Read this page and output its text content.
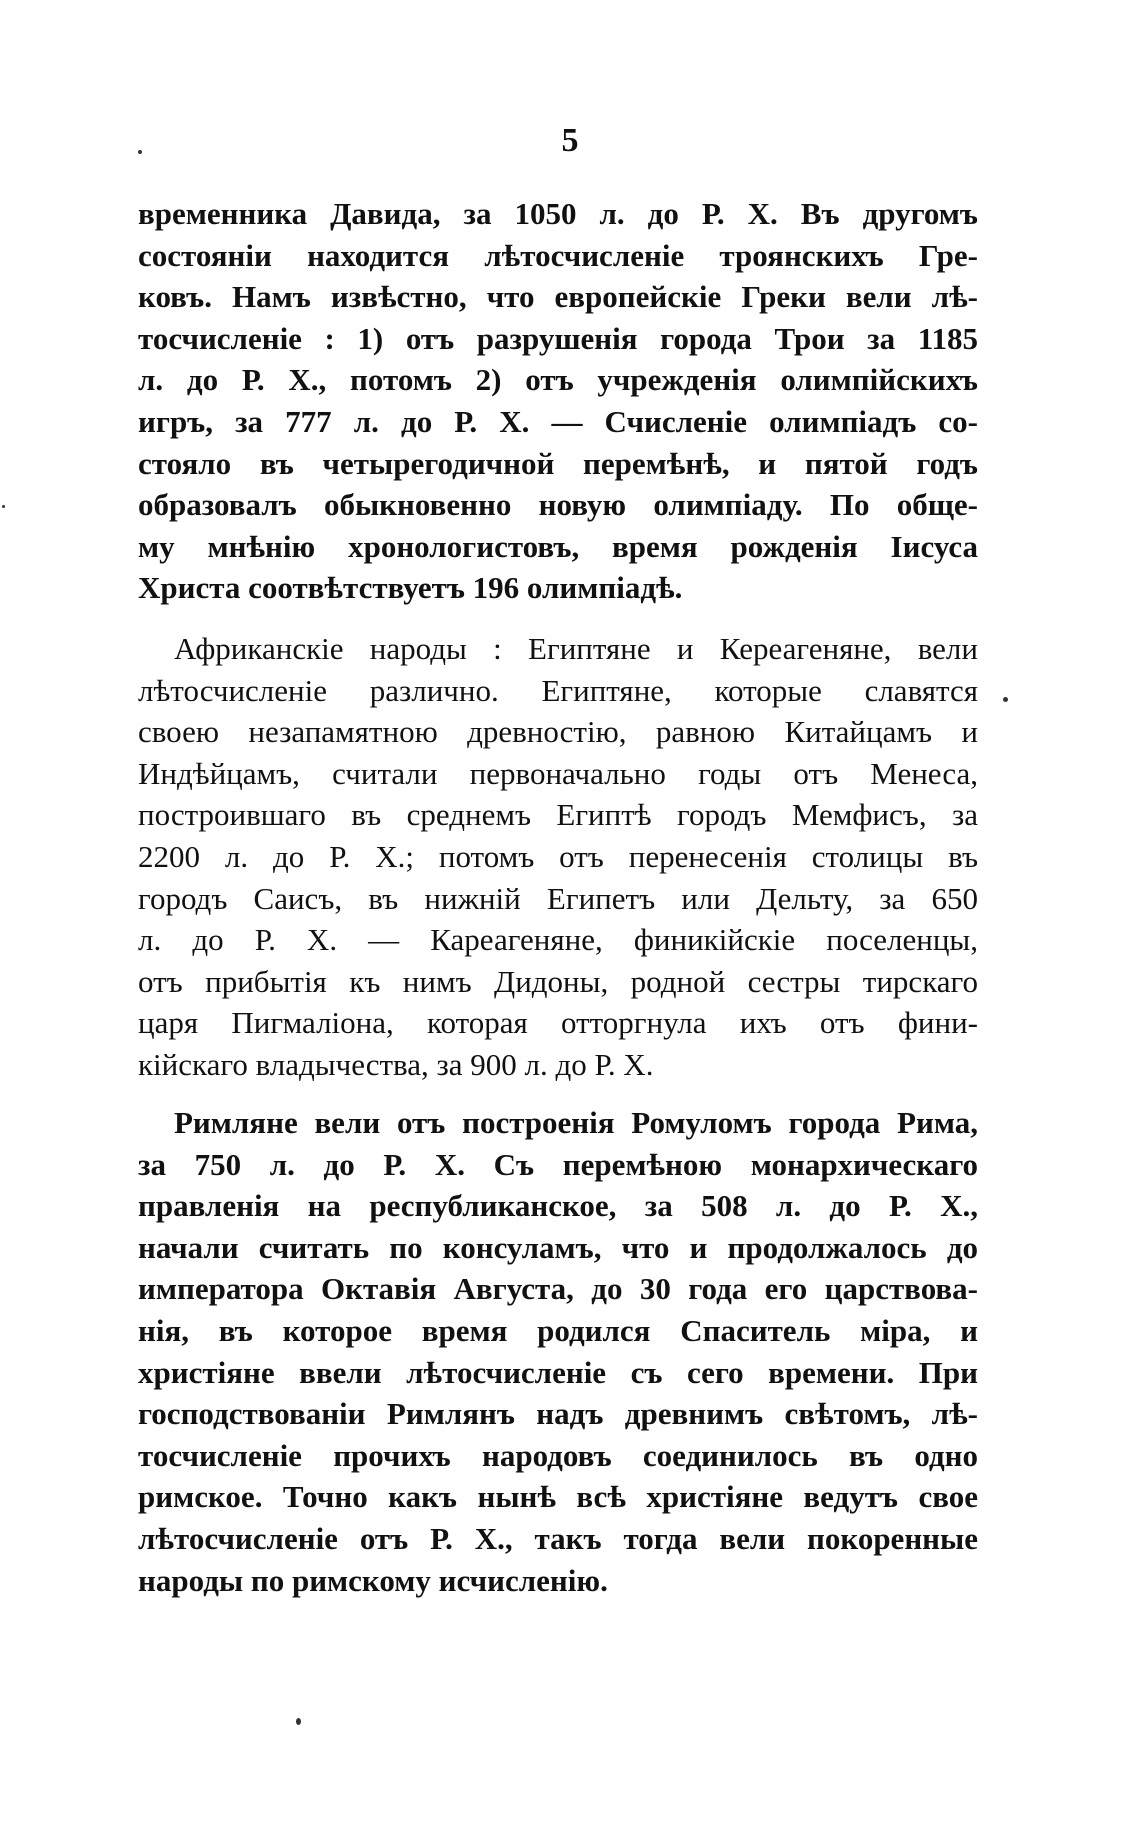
5
временника Давида, за 1050 л. до Р. Х. Въ другомъ
состоянiи находится лѣтосчисленiе троянскихъ Гре-
ковъ. Намъ извѣстно, что европейскiе Греки вели лѣ-
тосчисленiе : 1) отъ разрушенiя города Трои за 1185
л. до Р. Х., потомъ 2) отъ учрежденiя олимпiйскихъ
игръ, за 777 л. до Р. Х. — Счисленiе олимпiадъ со-
стояло въ четырегодичной перемѣнѣ, и пятой годъ
образовалъ обыкновенно новую олимпiаду. По обще-
му мнѣнiю хронологистовъ, время рожденiя Iисуса
Христа соотвѣтствуетъ 196 олимпiадѣ.
Африканскiе народы : Египтяне и Кереагеняне, вели
лѣтосчисленiе различно. Египтяне, которые славятся
своею незапамятною древностiю, равною Китайцамъ и
Индѣйцамъ, считали первоначально годы отъ Менеса,
построившаго въ среднемъ Египтѣ городъ Мемфисъ, за
2200 л. до Р. Х.; потомъ отъ перенесенiя столицы въ
городъ Саисъ, въ нижнiй Египетъ или Дельту, за 650
л. до Р. Х. — Кареагеняне, финикiйскiе поселенцы,
отъ прибытiя къ нимъ Дидоны, родной сестры тирскаго
царя Пигмалiона, которая отторгнула ихъ отъ фини-
кiйскаго владычества, за 900 л. до Р. Х.
Римляне вели отъ построенiя Ромуломъ города Рима,
за 750 л. до Р. Х. Съ перемѣною монархическаго
правленiя на республиканское, за 508 л. до Р. Х.,
начали считать по консуламъ, что и продолжалось до
императора Октавiя Августа, до 30 года его царствова-
нiя, въ которое время родился Спаситель мiра, и
христiяне ввели лѣтосчисленiе съ сего времени. При
господствованiи Римлянъ надъ древнимъ свѣтомъ, лѣ-
тосчисленiе прочихъ народовъ соединилось въ одно
римское. Точно какъ нынѣ всѣ христiяне ведутъ свое
лѣтосчисленiе отъ Р. Х., такъ тогда вели покоренные
народы по римскому исчисленiю.
